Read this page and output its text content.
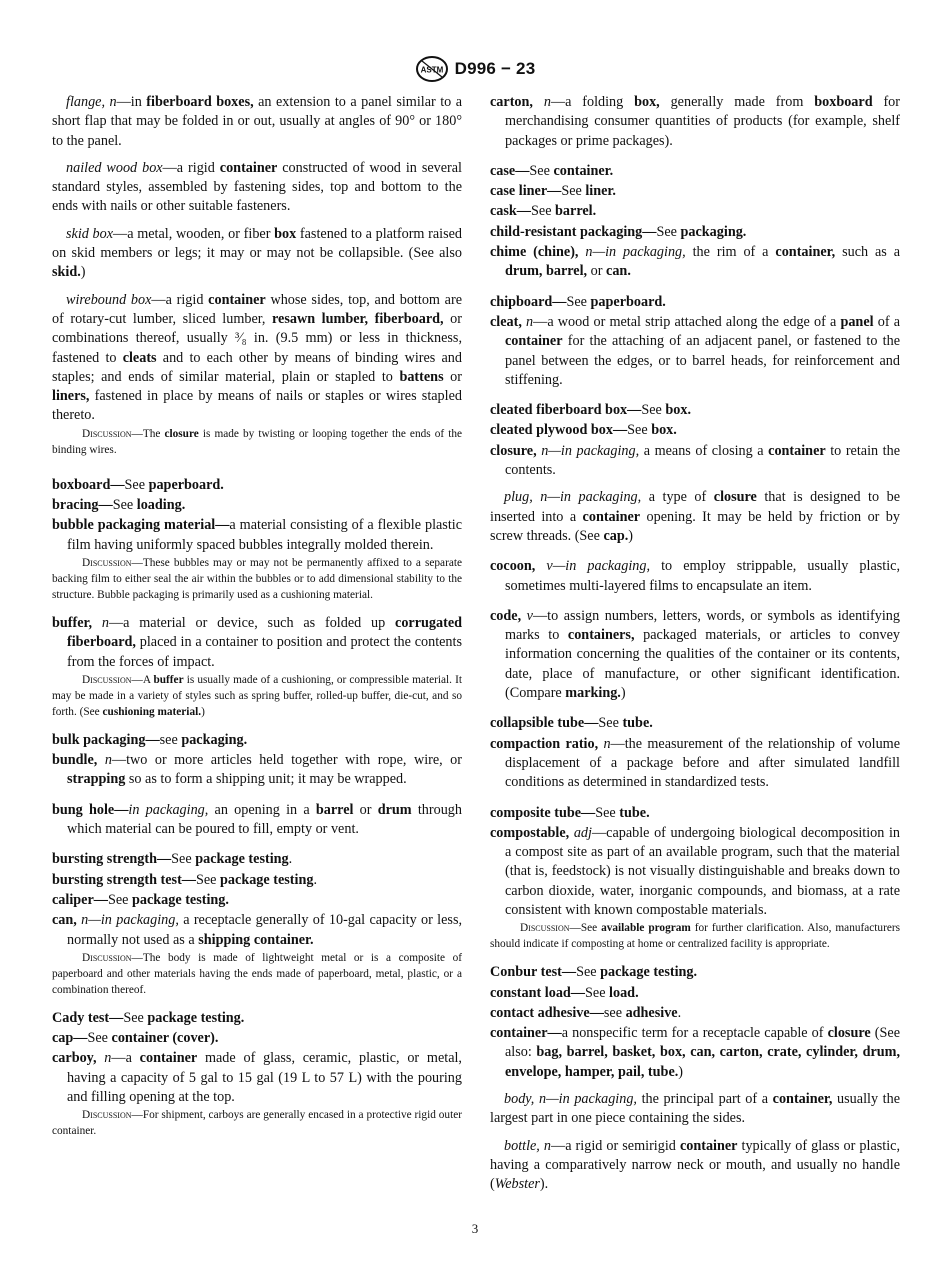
ASTM D996 − 23

flange, n—in fiberboard boxes, an extension to a panel similar to a short flap that may be folded in or out, usually at angles of 90° or 180° to the panel.

nailed wood box—a rigid container constructed of wood in several standard styles, assembled by fastening sides, top and bottom to the ends with nails or other suitable fasteners.

skid box—a metal, wooden, or fiber box fastened to a platform raised on skid members or legs; it may or may not be collapsible. (See also skid.)

wirebound box—a rigid container whose sides, top, and bottom are of rotary-cut lumber, sliced lumber, resawn lumber, fiberboard, or combinations thereof, usually ³⁄₈ in. (9.5 mm) or less in thickness, fastened to cleats and to each other by means of binding wires and staples; and ends of similar material, plain or stapled to battens or liners, fastened in place by means of nails or staples or wires stapled thereto.

Discussion—The closure is made by twisting or looping together the ends of the binding wires.

boxboard—See paperboard.

bracing—See loading.

bubble packaging material—a material consisting of a flexible plastic film having uniformly spaced bubbles integrally molded therein.

Discussion—These bubbles may or may not be permanently affixed to a separate backing film to either seal the air within the bubbles or to add dimensional stability to the structure. Bubble packaging is primarily used as a cushioning material.

buffer, n—a material or device, such as folded up corrugated fiberboard, placed in a container to position and protect the contents from the forces of impact.

Discussion—A buffer is usually made of a cushioning, or compressible material. It may be made in a variety of styles such as spring buffer, rolled-up buffer, die-cut, and so forth. (See cushioning material.)

bulk packaging—see packaging.

bundle, n—two or more articles held together with rope, wire, or strapping so as to form a shipping unit; it may be wrapped.

bung hole—in packaging, an opening in a barrel or drum through which material can be poured to fill, empty or vent.

bursting strength—See package testing.

bursting strength test—See package testing.

caliper—See package testing.

can, n—in packaging, a receptacle generally of 10-gal capacity or less, normally not used as a shipping container.

Discussion—The body is made of lightweight metal or is a composite of paperboard and other materials having the ends made of paperboard, metal, plastic, or a combination thereof.

Cady test—See package testing.

cap—See container (cover).

carboy, n—a container made of glass, ceramic, plastic, or metal, having a capacity of 5 gal to 15 gal (19 L to 57 L) with the pouring and filling opening at the top.

Discussion—For shipment, carboys are generally encased in a protective rigid outer container.

carton, n—a folding box, generally made from boxboard for merchandising consumer quantities of products (for example, shelf packages or prime packages).

case—See container.

case liner—See liner.

cask—See barrel.

child-resistant packaging—See packaging.

chime (chine), n—in packaging, the rim of a container, such as a drum, barrel, or can.

chipboard—See paperboard.

cleat, n—a wood or metal strip attached along the edge of a panel of a container for the attaching of an adjacent panel, or fastened to the panel between the edges, or to barrel heads, for reinforcement and stiffening.

cleated fiberboard box—See box.

cleated plywood box—See box.

closure, n—in packaging, a means of closing a container to retain the contents.

plug, n—in packaging, a type of closure that is designed to be inserted into a container opening. It may be held by friction or by screw threads. (See cap.)

cocoon, v—in packaging, to employ strippable, usually plastic, sometimes multi-layered films to encapsulate an item.

code, v—to assign numbers, letters, words, or symbols as identifying marks to containers, packaged materials, or articles to convey information concerning the qualities of the container or its contents, date, place of manufacture, or other significant identification. (Compare marking.)

collapsible tube—See tube.

compaction ratio, n—the measurement of the relationship of volume displacement of a package before and after simulated landfill conditions as determined in standardized tests.

composite tube—See tube.

compostable, adj—capable of undergoing biological decomposition in a compost site as part of an available program, such that the material (that is, feedstock) is not visually distinguishable and breaks down to carbon dioxide, water, inorganic compounds, and biomass, at a rate consistent with known compostable materials.

Discussion—See available program for further clarification. Also, manufacturers should indicate if composting at home or centralized facility is appropriate.

Conbur test—See package testing.

constant load—See load.

contact adhesive—see adhesive.

container—a nonspecific term for a receptacle capable of closure (See also: bag, barrel, basket, box, can, carton, crate, cylinder, drum, envelope, hamper, pail, tube.)

body, n—in packaging, the principal part of a container, usually the largest part in one piece containing the sides.

bottle, n—a rigid or semirigid container typically of glass or plastic, having a comparatively narrow neck or mouth, and usually no handle (Webster).

3
